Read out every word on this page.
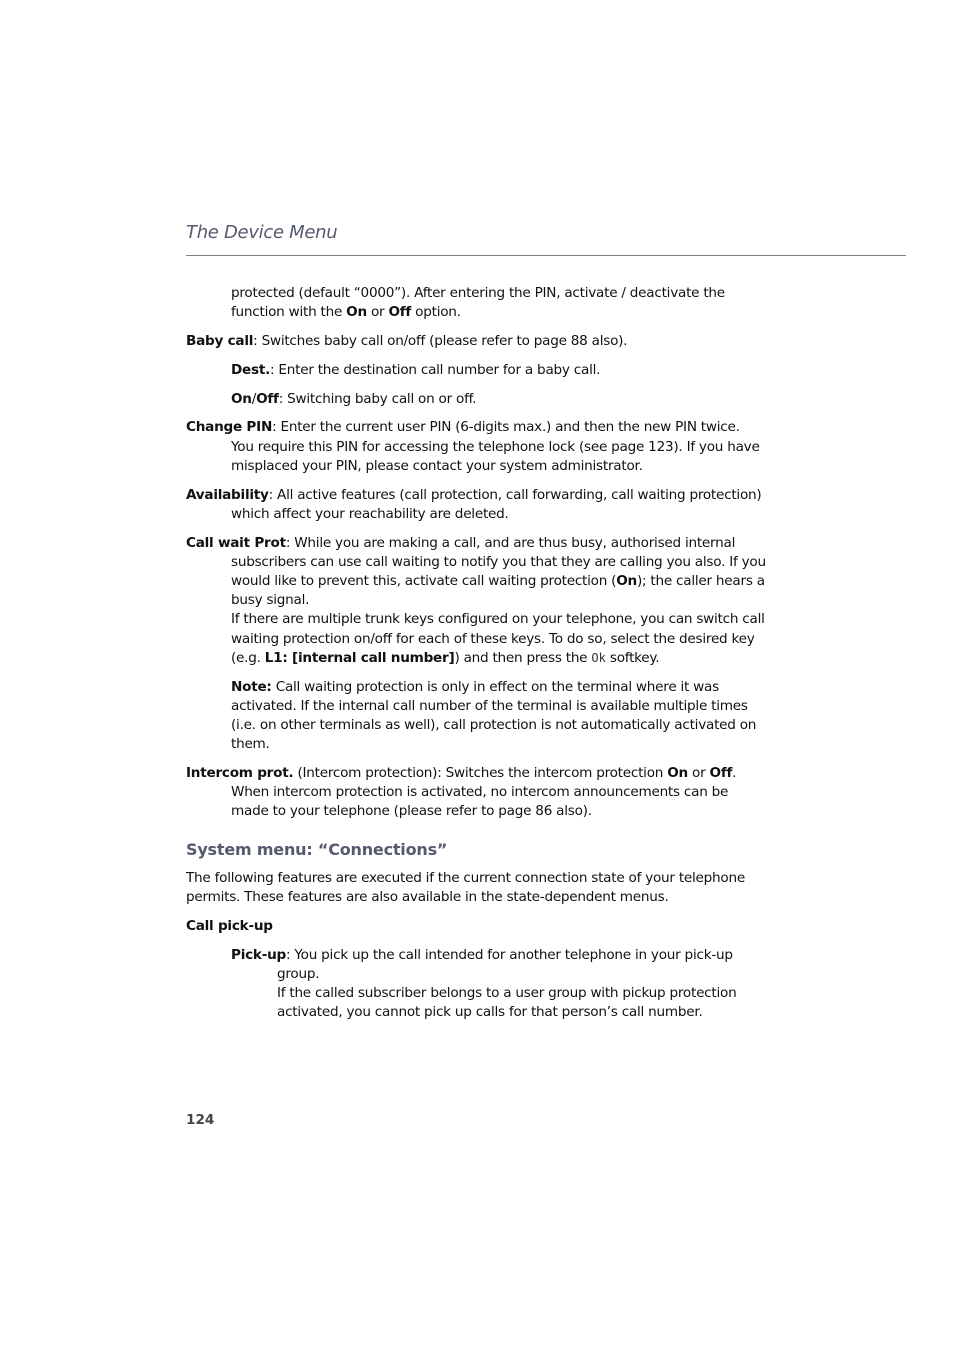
The Device Menu

protected (default “0000”). After entering the PIN, activate / deactivate the function with the On or Off option.

Baby call: Switches baby call on/off (please refer to page 88 also).

Dest.: Enter the destination call number for a baby call.

On/Off: Switching baby call on or off.

Change PIN: Enter the current user PIN (6-digits max.) and then the new PIN twice. You require this PIN for accessing the telephone lock (see page 123). If you have misplaced your PIN, please contact your system administrator.

Availability: All active features (call protection, call forwarding, call waiting protection) which affect your reachability are deleted.

Call wait Prot: While you are making a call, and are thus busy, authorised internal subscribers can use call waiting to notify you that they are calling you also. If you would like to prevent this, activate call waiting protection (On); the caller hears a busy signal.
If there are multiple trunk keys configured on your telephone, you can switch call waiting protection on/off for each of these keys. To do so, select the desired key (e.g. L1: [internal call number]) and then press the Ok softkey.

Note: Call waiting protection is only in effect on the terminal where it was activated. If the internal call number of the terminal is available multiple times (i.e. on other terminals as well), call protection is not automatically activated on them.

Intercom prot. (Intercom protection): Switches the intercom protection On or Off. When intercom protection is activated, no intercom announcements can be made to your telephone (please refer to page 86 also).

System menu: “Connections”

The following features are executed if the current connection state of your telephone permits. These features are also available in the state-dependent menus.

Call pick-up

Pick-up: You pick up the call intended for another telephone in your pick-up group.
If the called subscriber belongs to a user group with pickup protection activated, you cannot pick up calls for that person’s call number.

124
